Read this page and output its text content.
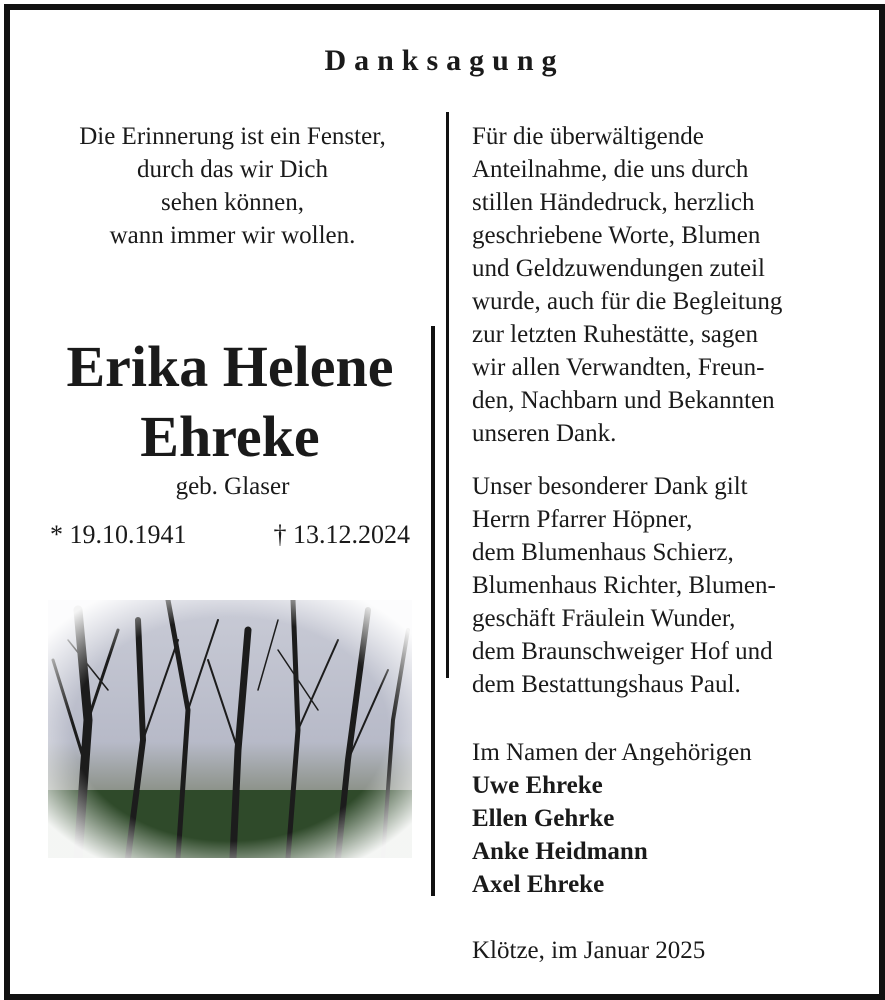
Danksagung
Die Erinnerung ist ein Fenster,
durch das wir Dich
sehen können,
wann immer wir wollen.
Erika Helene
Ehreke
geb. Glaser
* 19.10.1941	† 13.12.2024
Für die überwältigende
Anteilnahme, die uns durch
stillen Händedruck, herzlich
geschriebene Worte, Blumen
und Geldzuwendungen zuteil
wurde, auch für die Begleitung
zur letzten Ruhestätte, sagen
wir allen Verwandten, Freun-
den, Nachbarn und Bekannten
unseren Dank.
Unser besonderer Dank gilt
Herrn Pfarrer Höpner,
dem Blumenhaus Schierz,
Blumenhaus Richter, Blumen-
geschäft Fräulein Wunder,
dem Braunschweiger Hof und
dem Bestattungshaus Paul.
Im Namen der Angehörigen
Uwe Ehreke
Ellen Gehrke
Anke Heidmann
Axel Ehreke
Klötze, im Januar 2025
